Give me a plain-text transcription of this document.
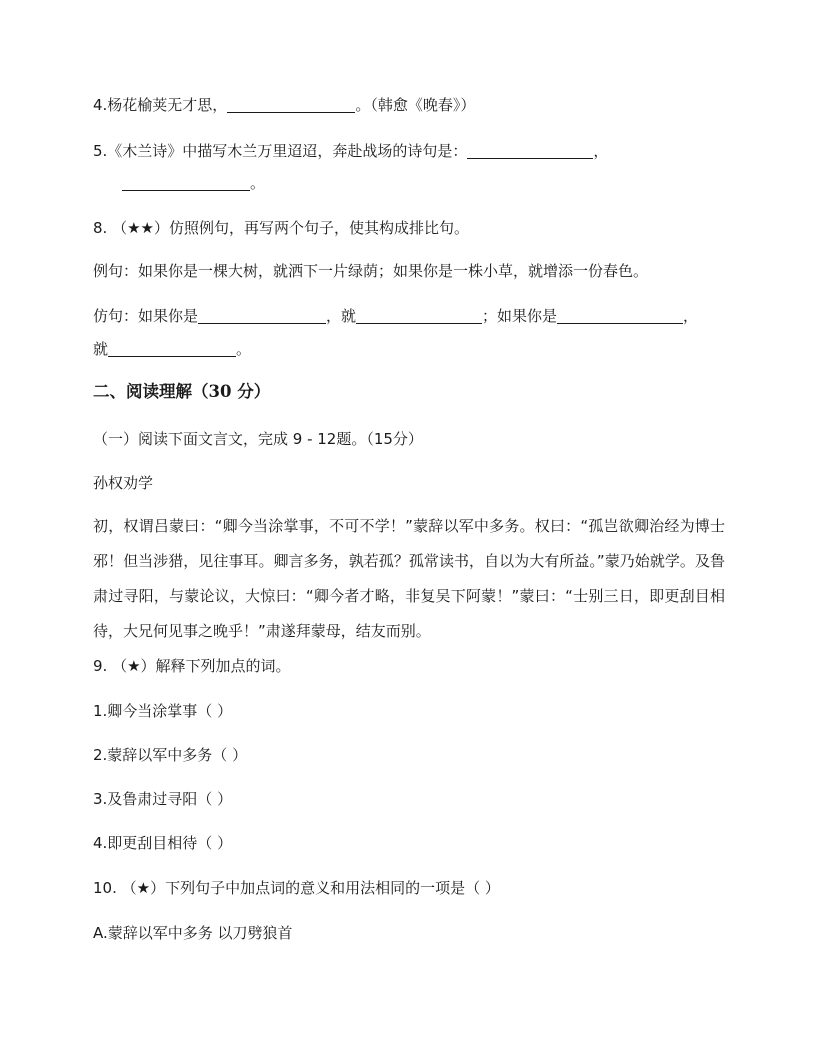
4.杨花榆荚无才思，	。（韩愈《晚春》）
5.《木兰诗》中描写木兰万里迢迢，奔赴战场的诗句是：	，
。
8. （★★）仿照例句，再写两个句子，使其构成排比句。
例句：如果你是一棵大树，就洒下一片绿荫；如果你是一株小草，就增添一份春色。
仿句：如果你是	，就	；如果你是	，
就	。
二、阅读理解（30 分）
（一）阅读下面文言文，完成 9 - 12题。（15分）
孙权劝学

初，权谓吕蒙曰：“卿今当涂掌事，不可不学！”蒙辞以军中多务。权曰：“孤岂欲卿治经为博士邪！但当涉猎，见往事耳。卿言多务，孰若孤？孤常读书，自以为大有所益。”蒙乃始就学。及鲁肃过寻阳，与蒙论议，大惊曰：“卿今者才略，非复吴下阿蒙！”蒙曰：“士别三日，即更刮目相待，大兄何见事之晚乎！”肃遂拜蒙母，结友而别。

9. （★）解释下列加点的词。
1.卿今当涂掌事（ ）
2.蒙辞以军中多务（ ）
3.及鲁肃过寻阳（ ）
4.即更刮目相待（ ）
10. （★）下列句子中加点词的意义和用法相同的一项是（ ）
A.蒙辞以军中多务 以刀劈狼首
